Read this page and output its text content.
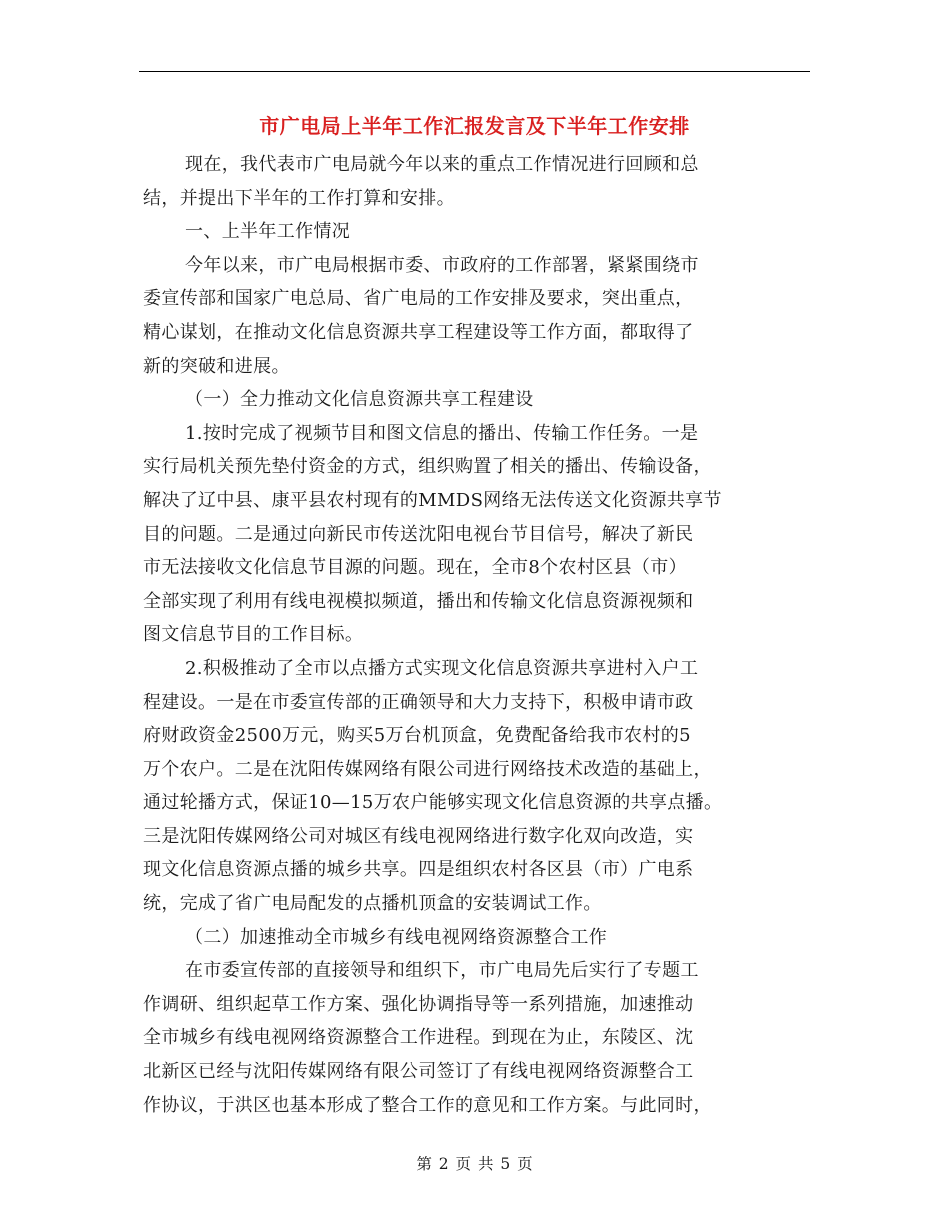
市广电局上半年工作汇报发言及下半年工作安排
现在，我代表市广电局就今年以来的重点工作情况进行回顾和总
结，并提出下半年的工作打算和安排。
一、上半年工作情况
今年以来，市广电局根据市委、市政府的工作部署，紧紧围绕市
委宣传部和国家广电总局、省广电局的工作安排及要求，突出重点，
精心谋划，在推动文化信息资源共享工程建设等工作方面，都取得了
新的突破和进展。
（一）全力推动文化信息资源共享工程建设
1.按时完成了视频节目和图文信息的播出、传输工作任务。一是
实行局机关预先垫付资金的方式，组织购置了相关的播出、传输设备，
解决了辽中县、康平县农村现有的MMDS网络无法传送文化资源共享节
目的问题。二是通过向新民市传送沈阳电视台节目信号，解决了新民
市无法接收文化信息节目源的问题。现在，全市8个农村区县（市）
全部实现了利用有线电视模拟频道，播出和传输文化信息资源视频和
图文信息节目的工作目标。
2.积极推动了全市以点播方式实现文化信息资源共享进村入户工
程建设。一是在市委宣传部的正确领导和大力支持下，积极申请市政
府财政资金2500万元，购买5万台机顶盒，免费配备给我市农村的5
万个农户。二是在沈阳传媒网络有限公司进行网络技术改造的基础上，
通过轮播方式，保证10—15万农户能够实现文化信息资源的共享点播。
三是沈阳传媒网络公司对城区有线电视网络进行数字化双向改造，实
现文化信息资源点播的城乡共享。四是组织农村各区县（市）广电系
统，完成了省广电局配发的点播机顶盒的安装调试工作。
（二）加速推动全市城乡有线电视网络资源整合工作
在市委宣传部的直接领导和组织下，市广电局先后实行了专题工
作调研、组织起草工作方案、强化协调指导等一系列措施，加速推动
全市城乡有线电视网络资源整合工作进程。到现在为止，东陵区、沈
北新区已经与沈阳传媒网络有限公司签订了有线电视网络资源整合工
作协议，于洪区也基本形成了整合工作的意见和工作方案。与此同时，
第 2 页 共 5 页
